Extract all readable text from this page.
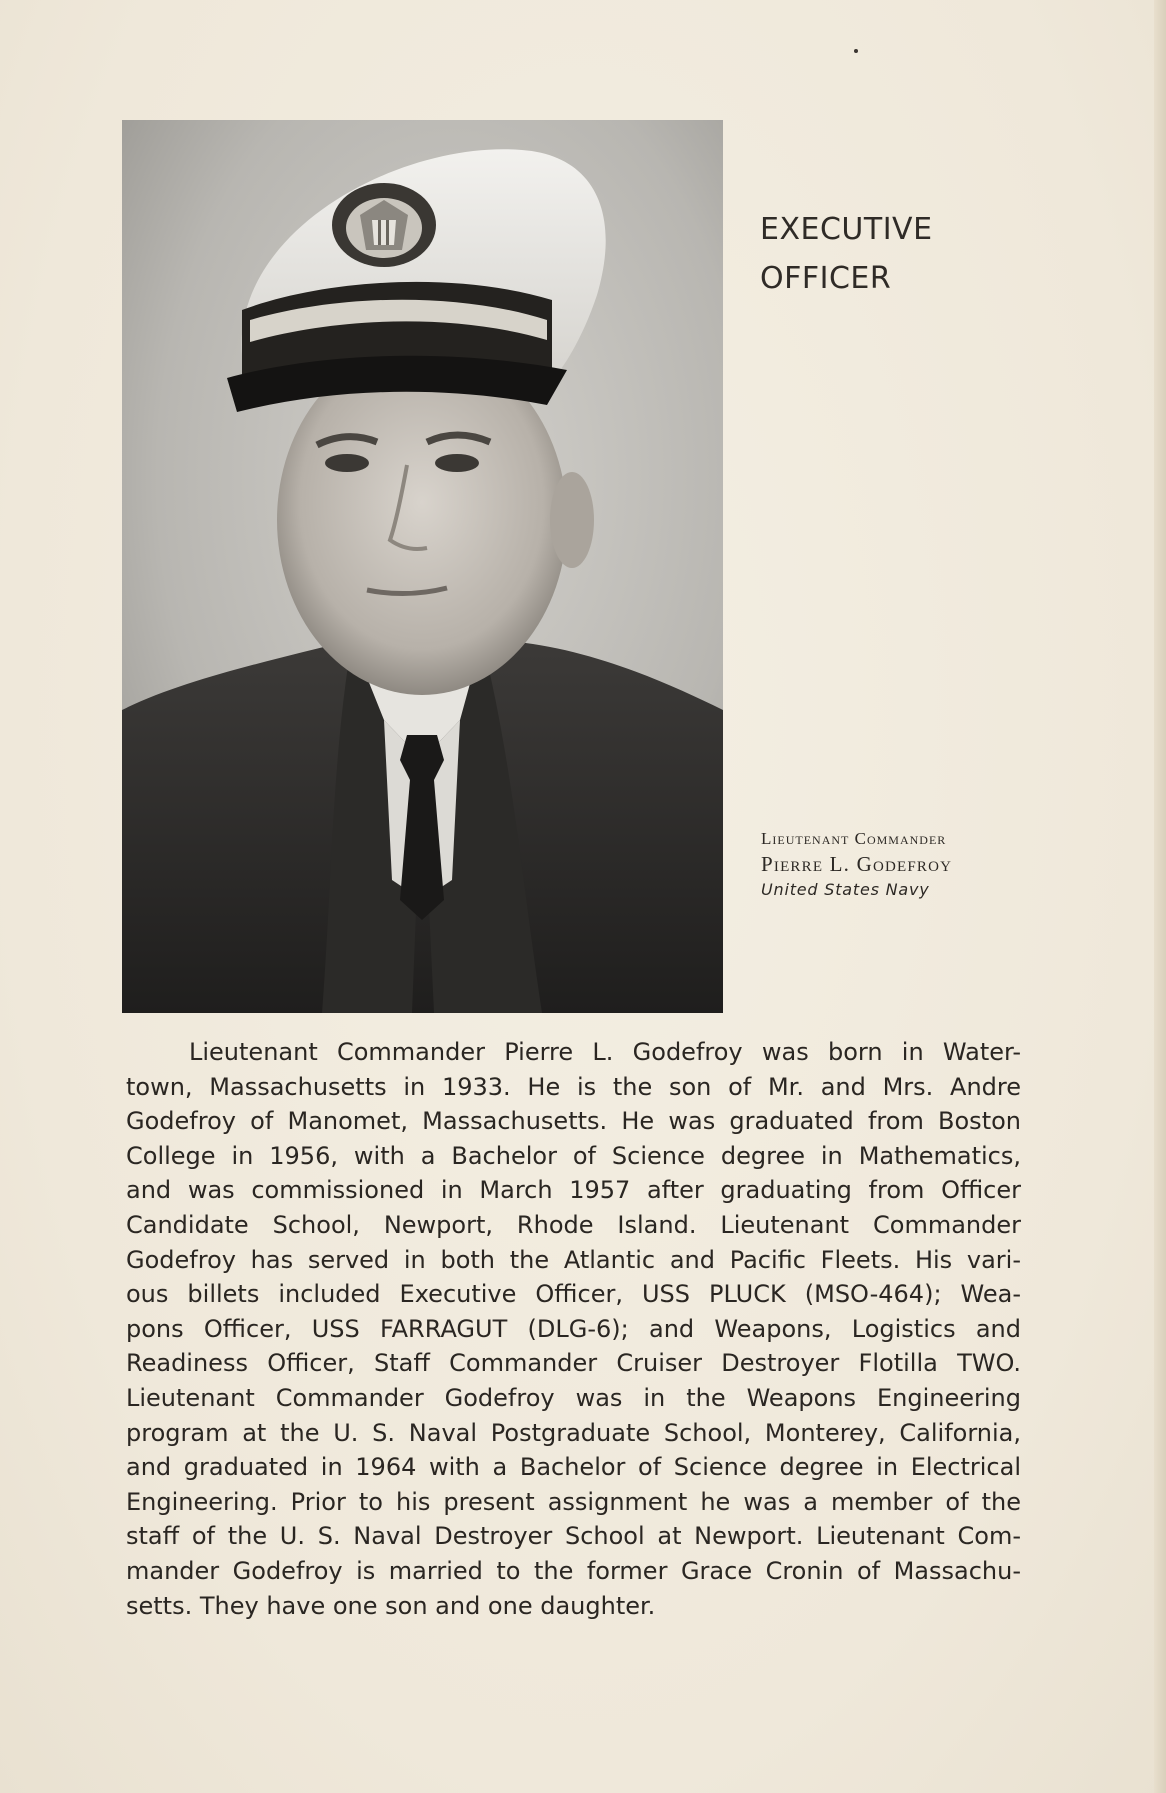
EXECUTIVE
OFFICER
Lieutenant Commander
Pierre L. Godefroy
United States Navy

Lieutenant Commander Pierre L. Godefroy was born in Water-
town, Massachusetts in 1933. He is the son of Mr. and Mrs. Andre
Godefroy of Manomet, Massachusetts. He was graduated from Boston
College in 1956, with a Bachelor of Science degree in Mathematics,
and was commissioned in March 1957 after graduating from Officer
Candidate School, Newport, Rhode Island. Lieutenant Commander
Godefroy has served in both the Atlantic and Pacific Fleets. His vari-
ous billets included Executive Officer, USS PLUCK (MSO-464); Wea-
pons Officer, USS FARRAGUT (DLG-6); and Weapons, Logistics and
Readiness Officer, Staff Commander Cruiser Destroyer Flotilla TWO.
Lieutenant Commander Godefroy was in the Weapons Engineering
program at the U. S. Naval Postgraduate School, Monterey, California,
and graduated in 1964 with a Bachelor of Science degree in Electrical
Engineering. Prior to his present assignment he was a member of the
staff of the U. S. Naval Destroyer School at Newport. Lieutenant Com-
mander Godefroy is married to the former Grace Cronin of Massachu-
setts. They have one son and one daughter.
